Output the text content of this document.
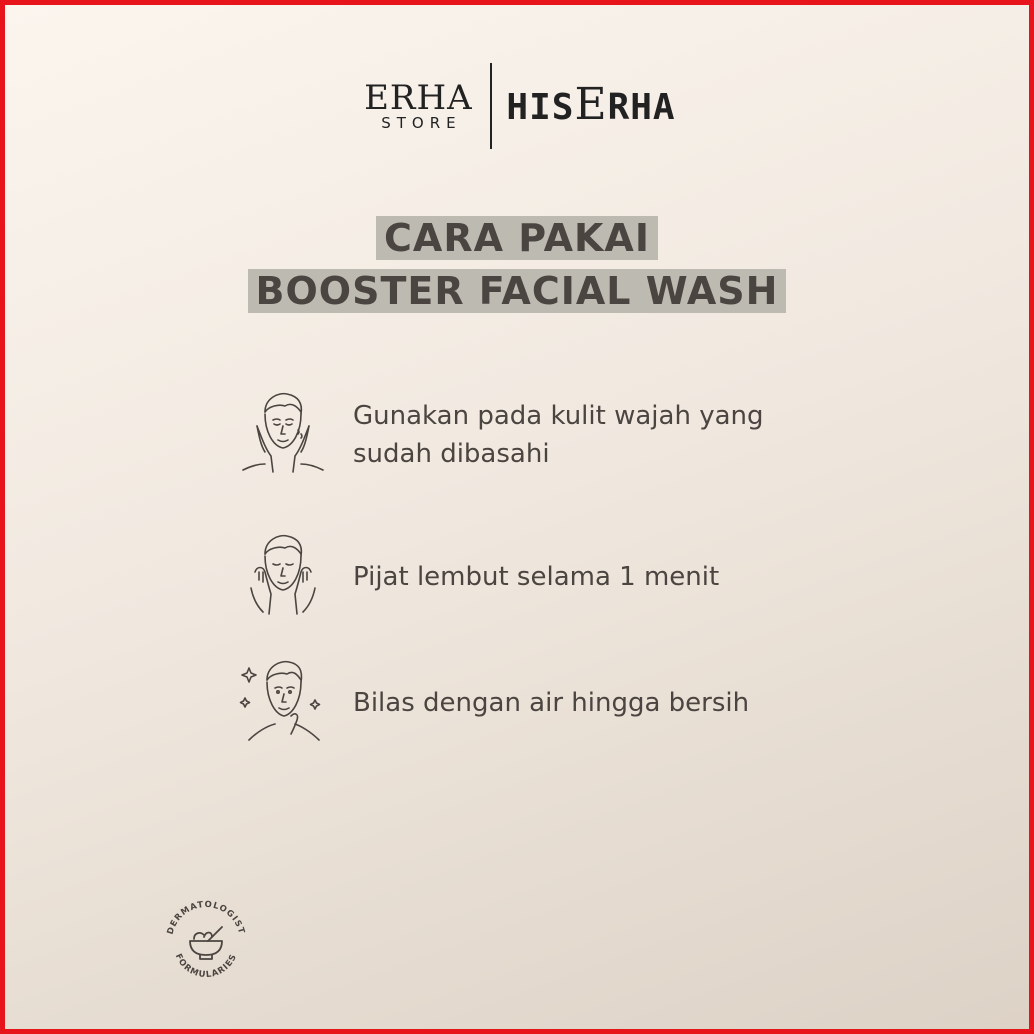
ERHA
STORE HISERHA
CARA PAKAI
BOOSTER FACIAL WASH
Gunakan pada kulit wajah yang
sudah dibasahi
Pijat lembut selama 1 menit
Bilas dengan air hingga bersih
DERMATOLOGIST
FORMULARIES
